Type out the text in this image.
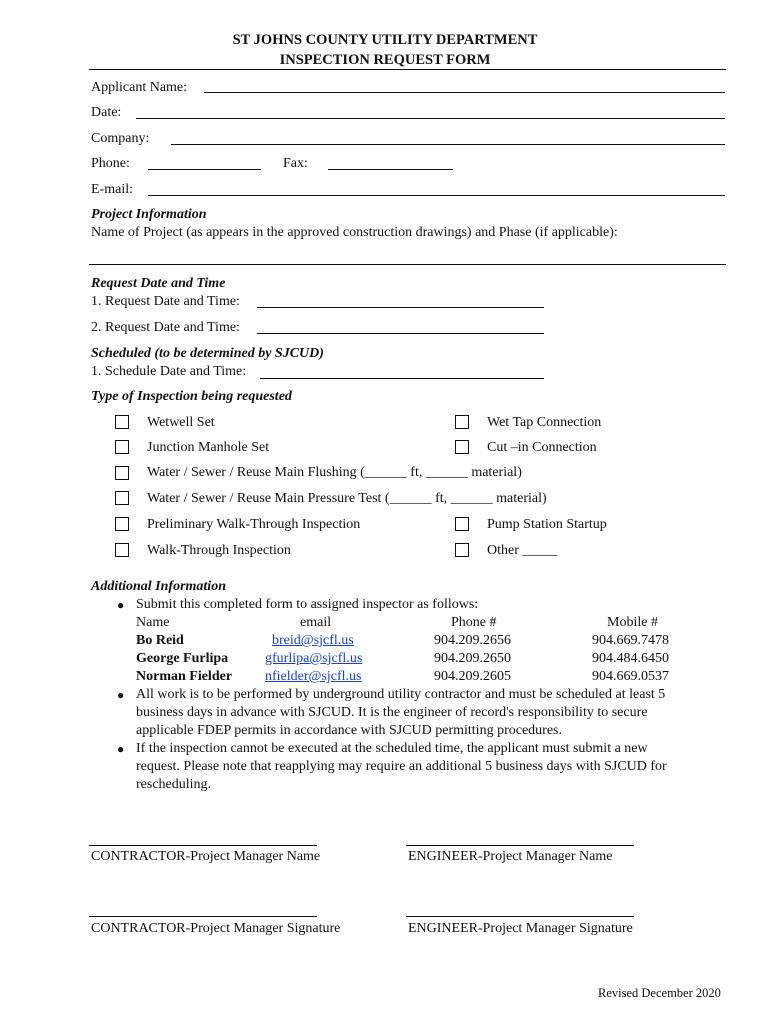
ST JOHNS COUNTY UTILITY DEPARTMENT
INSPECTION REQUEST FORM
Applicant Name:
Date:
Company:
Phone:	Fax:
E-mail:
Project Information
Name of Project (as appears in the approved construction drawings) and Phase (if applicable):
Request Date and Time
1. Request Date and Time:
2. Request Date and Time:
Scheduled (to be determined by SJCUD)
1. Schedule Date and Time:
Type of Inspection being requested
Wetwell Set	Wet Tap Connection
Junction Manhole Set	Cut –in Connection
Water / Sewer / Reuse Main Flushing (______ ft, ______ material)
Water / Sewer / Reuse Main Pressure Test (______ ft, ______ material)
Preliminary Walk-Through Inspection	Pump Station Startup
Walk-Through Inspection	Other _____
Additional Information
● Submit this completed form to assigned inspector as follows:
Name	email	Phone #	Mobile #
Bo Reid	breid@sjcfl.us	904.209.2656	904.669.7478
George Furlipa	gfurlipa@sjcfl.us	904.209.2650	904.484.6450
Norman Fielder nfielder@sjcfl.us	904.209.2605	904.669.0537
● All work is to be performed by underground utility contractor and must be scheduled at least 5
business days in advance with SJCUD. It is the engineer of record's responsibility to secure
applicable FDEP permits in accordance with SJCUD permitting procedures.
● If the inspection cannot be executed at the scheduled time, the applicant must submit a new
request. Please note that reapplying may require an additional 5 business days with SJCUD for
rescheduling.
CONTRACTOR-Project Manager Name	ENGINEER-Project Manager Name
CONTRACTOR-Project Manager Signature	ENGINEER-Project Manager Signature
Revised December 2020
